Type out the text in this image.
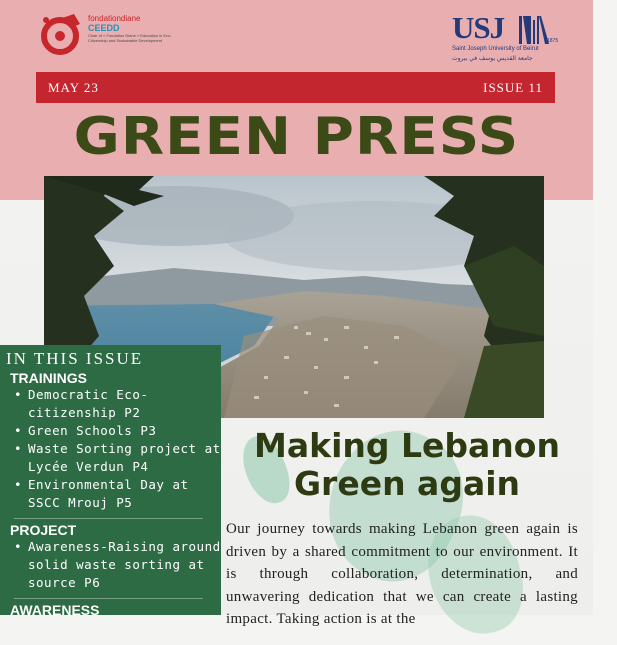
fondationdiane
CEEDD
Chair of « Fondation Diane » Education in Eco-Citizenship and Sustainable Development	USJ	1875
Saint Joseph University of Beirut
جامعة القديس يوسف في بيروت
MAY 23	ISSUE 11
GREEN PRESS
IN THIS ISSUE
TRAININGS
• Democratic Eco-citizenship P2
• Green Schools P3
• Waste Sorting project at Lycée Verdun P4
• Environmental Day at SSCC Mrouj P5
PROJECT
• Awareness-Raising around solid waste sorting at source P6
AWARENESS
Making Lebanon
Green again
Our journey towards making Lebanon green again is driven by a shared commitment to our environment. It is through collaboration, determination, and unwavering dedication that we can create a lasting impact. Taking action is at the
